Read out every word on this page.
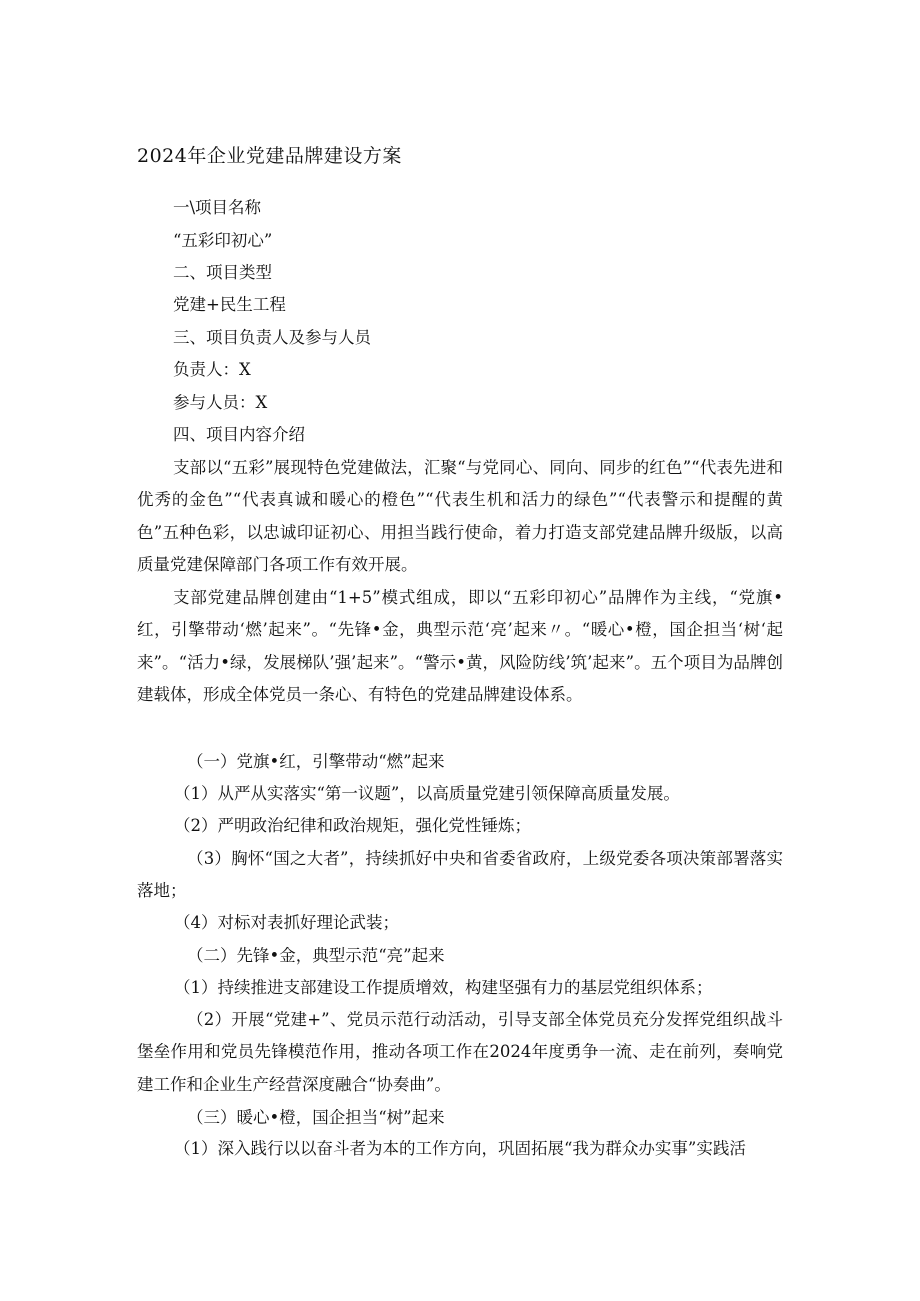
2024年企业党建品牌建设方案
一\项目名称
“五彩印初心”
二、项目类型
党建+民生工程
三、项目负责人及参与人员
负责人：X
参与人员：X
四、项目内容介绍
支部以“五彩”展现特色党建做法，汇聚“与党同心、同向、同步的红色”“代表先进和优秀的金色”“代表真诚和暖心的橙色”“代表生机和活力的绿色”“代表警示和提醒的黄色”五种色彩，以忠诚印证初心、用担当践行使命，着力打造支部党建品牌升级版，以高质量党建保障部门各项工作有效开展。
支部党建品牌创建由“1+5”模式组成，即以“五彩印初心”品牌作为主线，“党旗•红，引擎带动‘燃’起来”。“先锋•金，典型示范‘亮’起来〃。“暖心•橙，国企担当‘树‘起来”。“活力•绿，发展梯队’强’起来”。“警示•黄，风险防线’筑’起来”。五个项目为品牌创建载体，形成全体党员一条心、有特色的党建品牌建设体系。
（一）党旗•红，引擎带动“燃”起来
（1）从严从实落实“第一议题”，以高质量党建引领保障高质量发展。
（2）严明政治纪律和政治规矩，强化党性锤炼；
（3）胸怀“国之大者”，持续抓好中央和省委省政府，上级党委各项决策部署落实落地；
（4）对标对表抓好理论武装；
（二）先锋•金，典型示范“亮”起来
（1）持续推进支部建设工作提质增效，构建坚强有力的基层党组织体系；
（2）开展“党建+”、党员示范行动活动，引导支部全体党员充分发挥党组织战斗堡垒作用和党员先锋模范作用，推动各项工作在2024年度勇争一流、走在前列，奏响党建工作和企业生产经营深度融合“协奏曲”。
（三）暖心•橙，国企担当“树”起来
（1）深入践行以以奋斗者为本的工作方向，巩固拓展“我为群众办实事”实践活
